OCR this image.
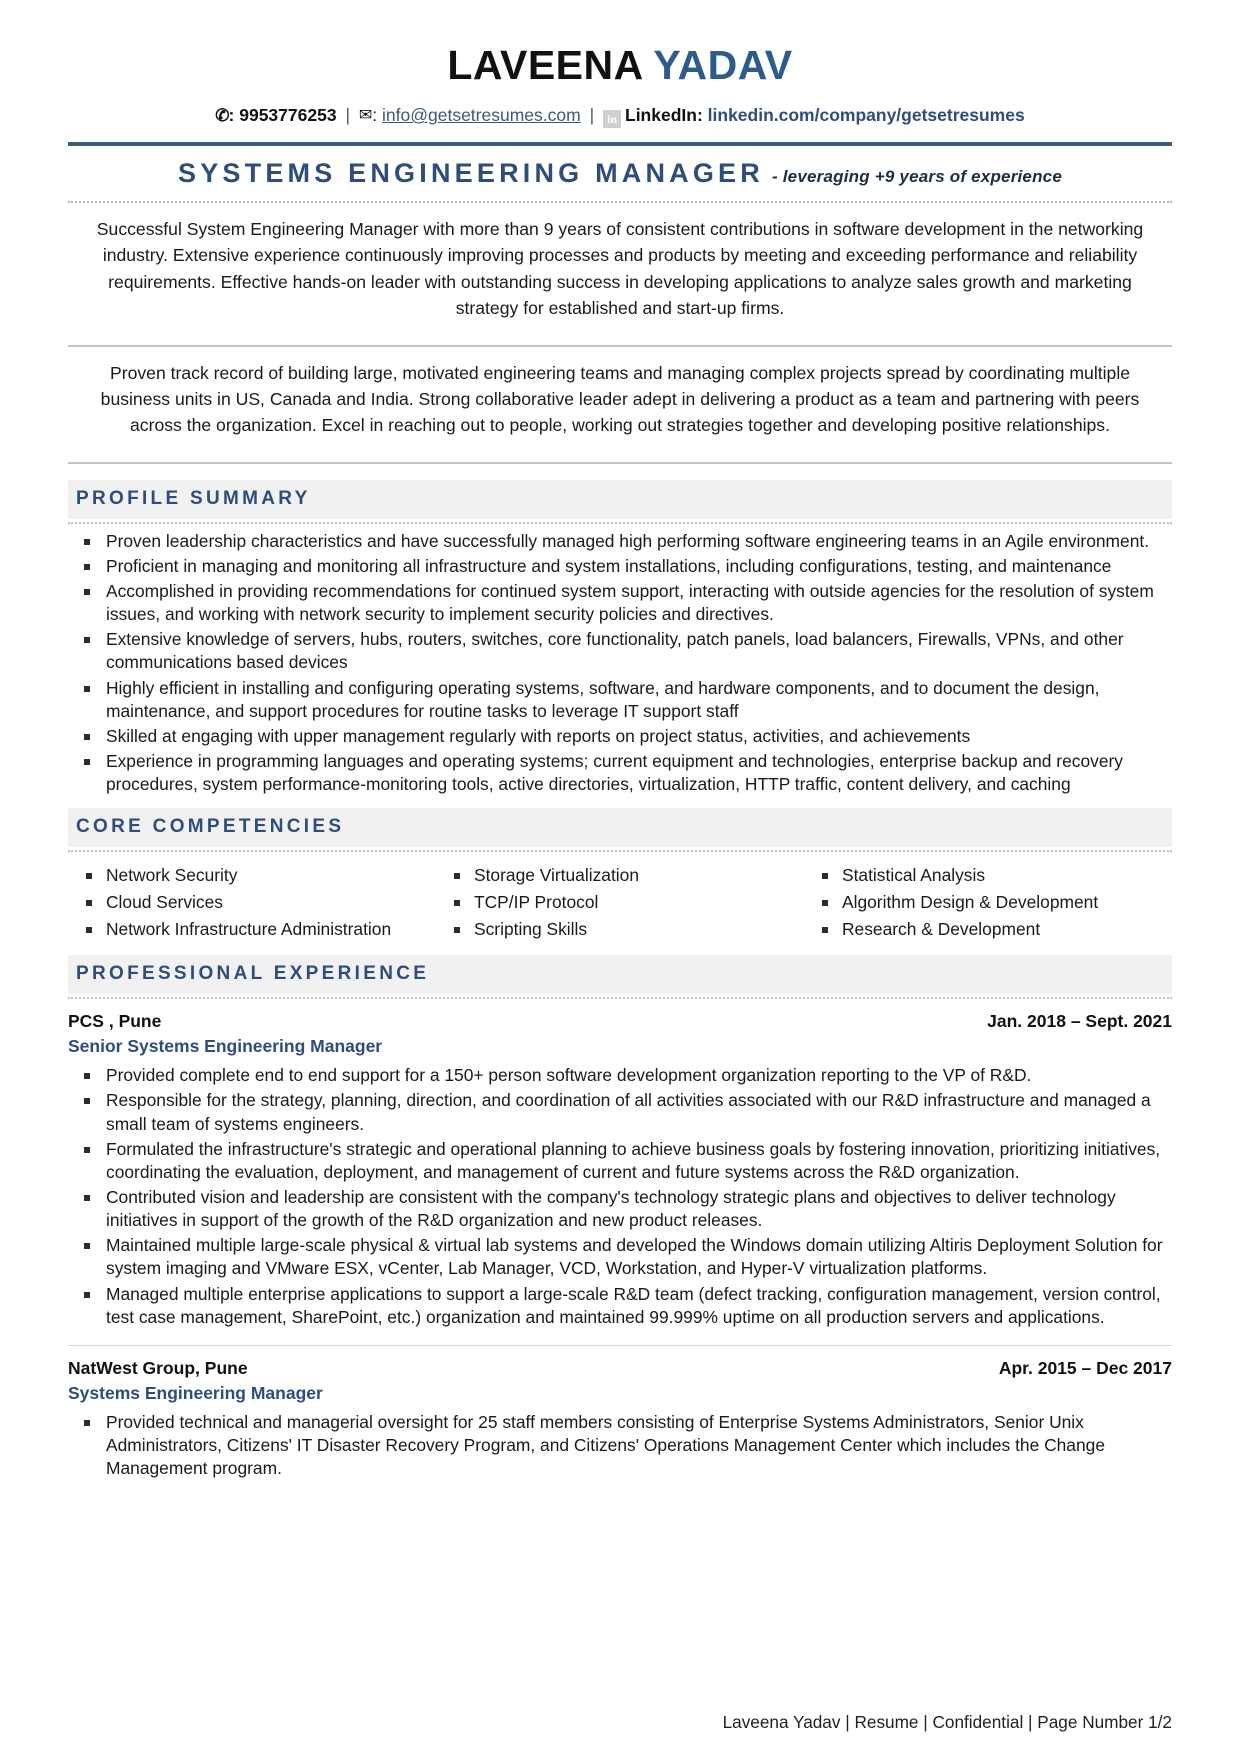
LAVEENA YADAV
✆: 9953776253 | ✉: info@getsetresumes.com | in LinkedIn: linkedin.com/company/getsetresumes
SYSTEMS ENGINEERING MANAGER - leveraging +9 years of experience
Successful System Engineering Manager with more than 9 years of consistent contributions in software development in the networking industry. Extensive experience continuously improving processes and products by meeting and exceeding performance and reliability requirements. Effective hands-on leader with outstanding success in developing applications to analyze sales growth and marketing strategy for established and start-up firms.
Proven track record of building large, motivated engineering teams and managing complex projects spread by coordinating multiple business units in US, Canada and India. Strong collaborative leader adept in delivering a product as a team and partnering with peers across the organization. Excel in reaching out to people, working out strategies together and developing positive relationships.
PROFILE SUMMARY
Proven leadership characteristics and have successfully managed high performing software engineering teams in an Agile environment.
Proficient in managing and monitoring all infrastructure and system installations, including configurations, testing, and maintenance
Accomplished in providing recommendations for continued system support, interacting with outside agencies for the resolution of system issues, and working with network security to implement security policies and directives.
Extensive knowledge of servers, hubs, routers, switches, core functionality, patch panels, load balancers, Firewalls, VPNs, and other communications based devices
Highly efficient in installing and configuring operating systems, software, and hardware components, and to document the design, maintenance, and support procedures for routine tasks to leverage IT support staff
Skilled at engaging with upper management regularly with reports on project status, activities, and achievements
Experience in programming languages and operating systems; current equipment and technologies, enterprise backup and recovery procedures, system performance-monitoring tools, active directories, virtualization, HTTP traffic, content delivery, and caching
CORE COMPETENCIES
Network Security
Cloud Services
Network Infrastructure Administration
Storage Virtualization
TCP/IP Protocol
Scripting Skills
Statistical Analysis
Algorithm Design & Development
Research & Development
PROFESSIONAL EXPERIENCE
PCS , Pune	Jan. 2018 – Sept. 2021
Senior Systems Engineering Manager
Provided complete end to end support for a 150+ person software development organization reporting to the VP of R&D.
Responsible for the strategy, planning, direction, and coordination of all activities associated with our R&D infrastructure and managed a small team of systems engineers.
Formulated the infrastructure's strategic and operational planning to achieve business goals by fostering innovation, prioritizing initiatives, coordinating the evaluation, deployment, and management of current and future systems across the R&D organization.
Contributed vision and leadership are consistent with the company's technology strategic plans and objectives to deliver technology initiatives in support of the growth of the R&D organization and new product releases.
Maintained multiple large-scale physical & virtual lab systems and developed the Windows domain utilizing Altiris Deployment Solution for system imaging and VMware ESX, vCenter, Lab Manager, VCD, Workstation, and Hyper-V virtualization platforms.
Managed multiple enterprise applications to support a large-scale R&D team (defect tracking, configuration management, version control, test case management, SharePoint, etc.) organization and maintained 99.999% uptime on all production servers and applications.
NatWest Group, Pune	Apr. 2015 – Dec 2017
Systems Engineering Manager
Provided technical and managerial oversight for 25 staff members consisting of Enterprise Systems Administrators, Senior Unix Administrators, Citizens' IT Disaster Recovery Program, and Citizens' Operations Management Center which includes the Change Management program.
Laveena Yadav | Resume | Confidential | Page Number 1/2
